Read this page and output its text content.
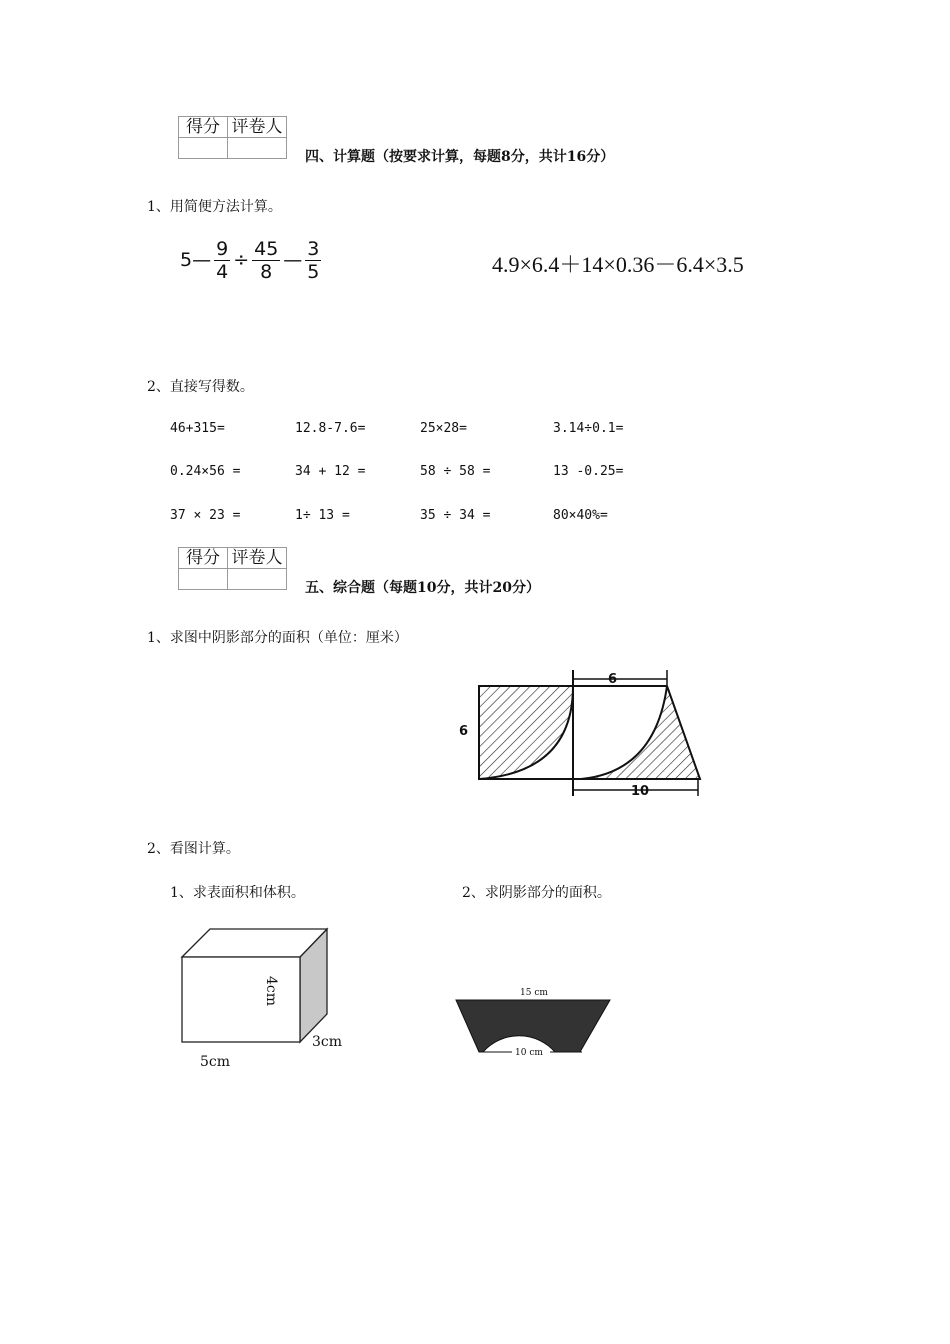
得分	评卷人

四、计算题（按要求计算，每题8分，共计16分）
1、用简便方法计算。
5— $\frac{9}{4} \div \frac{45}{8}$ — $\frac{3}{5}$	4.9×6.4＋14×0.36－6.4×3.5
2、直接写得数。
46+315=	12.8-7.6=	25×28=	3.14÷0.1=
0.24×56 =	34 + 12 =	58 ÷ 58 =	13 -0.25=
37 × 23 =	1÷ 13 =	35 ÷ 34 =	80×40%=
得分	评卷人

五、综合题（每题10分，共计20分）
1、求图中阴影部分的面积（单位：厘米）
6
6
10
2、看图计算。
1、求表面积和体积。	2、求阴影部分的面积。
4cm
3cm
5cm
15 cm
10 cm
